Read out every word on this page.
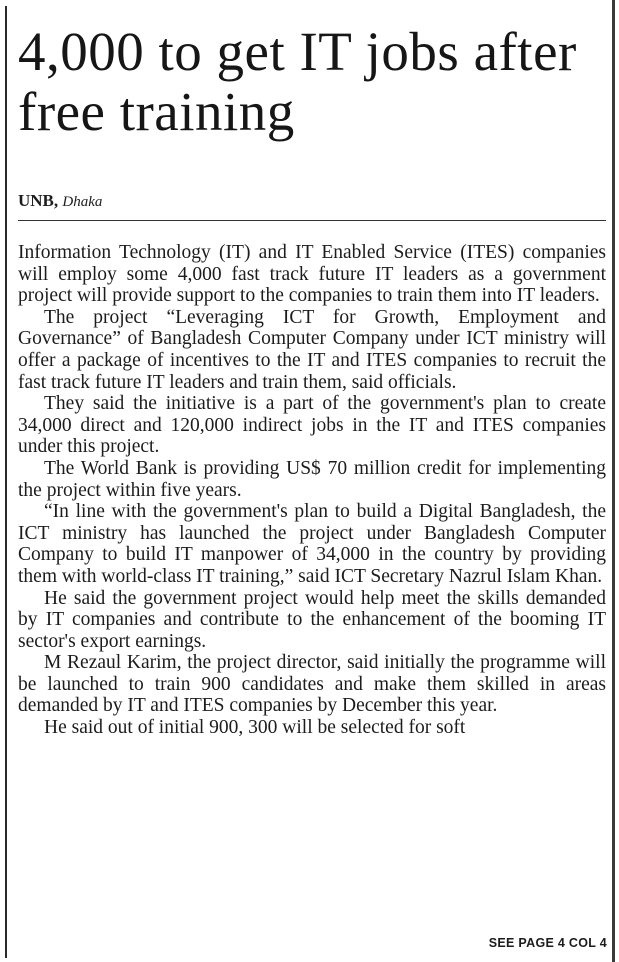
4,000 to get IT jobs after free training
UNB, Dhaka

Information Technology (IT) and IT Enabled Service (ITES) companies will employ some 4,000 fast track future IT leaders as a government project will provide support to the companies to train them into IT leaders.

The project “Leveraging ICT for Growth, Employment and Governance” of Bangladesh Computer Company under ICT ministry will offer a package of incentives to the IT and ITES companies to recruit the fast track future IT leaders and train them, said officials.

They said the initiative is a part of the government's plan to create 34,000 direct and 120,000 indirect jobs in the IT and ITES companies under this project.

The World Bank is providing US$ 70 million credit for implementing the project within five years.

“In line with the government's plan to build a Digital Bangladesh, the ICT ministry has launched the project under Bangladesh Computer Company to build IT manpower of 34,000 in the country by providing them with world-class IT training,” said ICT Secretary Nazrul Islam Khan.

He said the government project would help meet the skills demanded by IT companies and contribute to the enhancement of the booming IT sector's export earnings.

M Rezaul Karim, the project director, said initially the programme will be launched to train 900 candidates and make them skilled in areas demanded by IT and ITES companies by December this year.

He said out of initial 900, 300 will be selected for soft

SEE PAGE 4 COL 4
